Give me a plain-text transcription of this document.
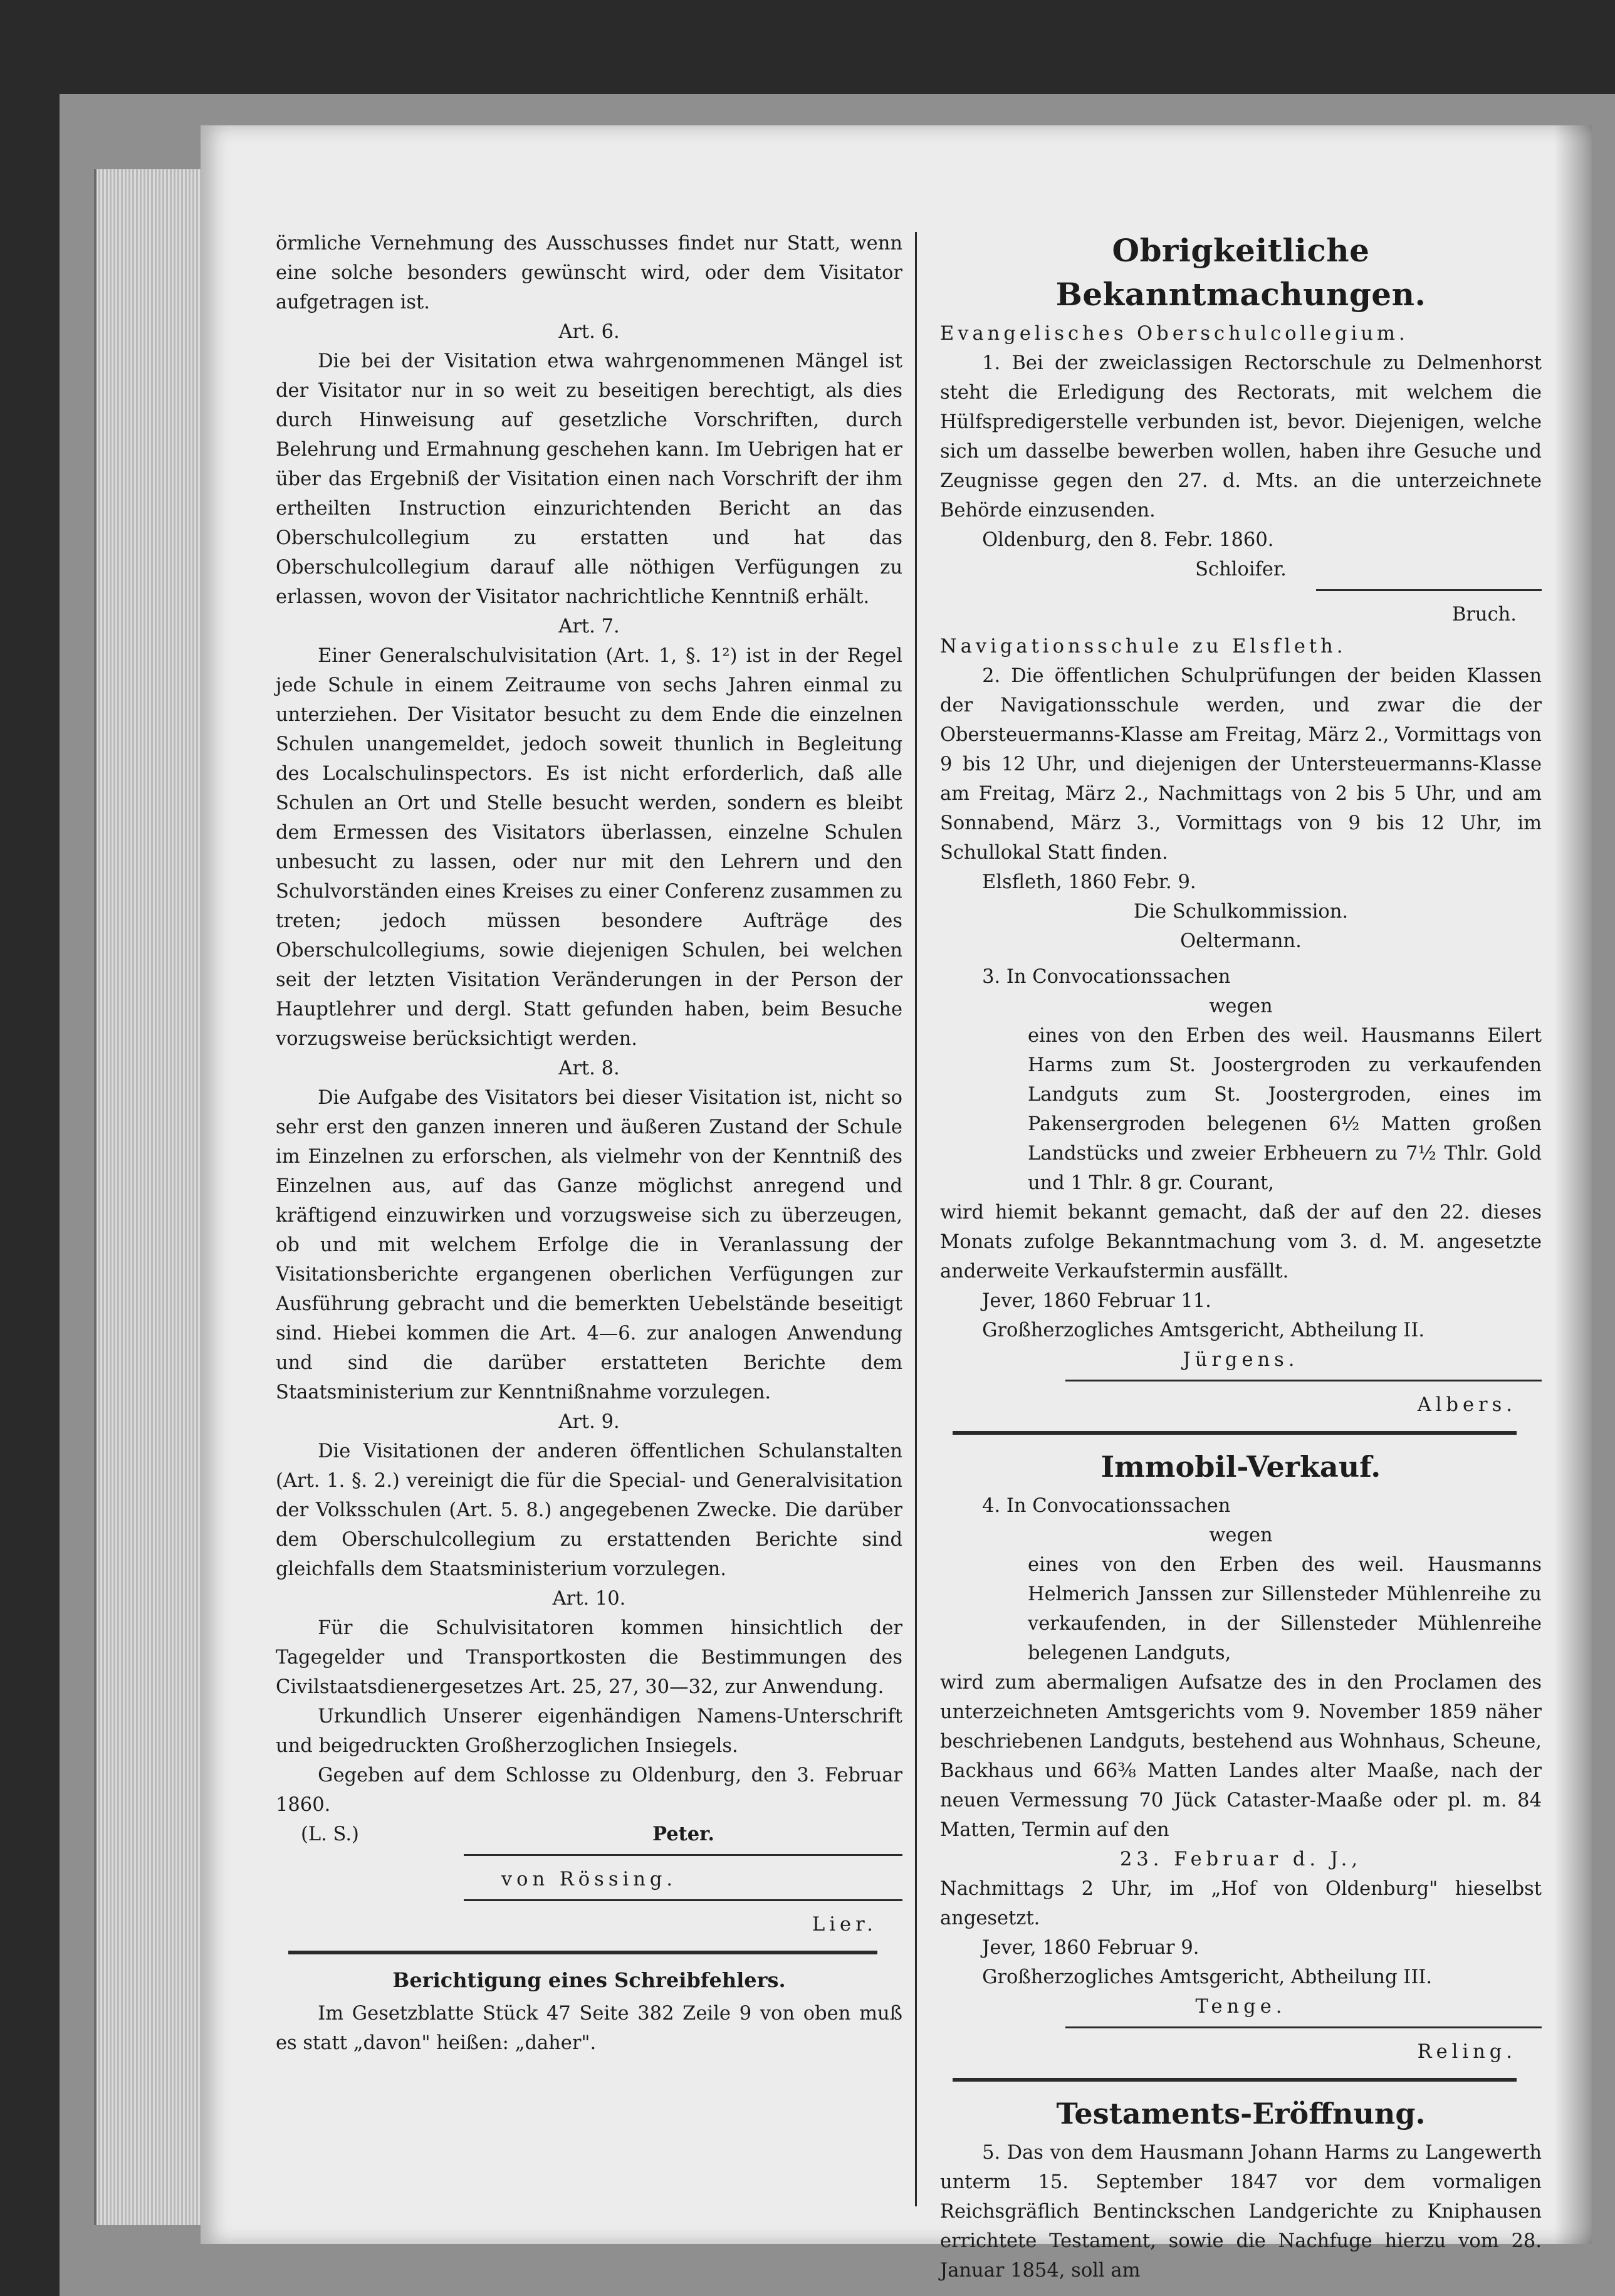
örmliche Vernehmung des Ausschusses findet nur Statt, wenn eine solche besonders gewünscht wird, oder dem Visitator aufgetragen ist.

Art. 6.

Die bei der Visitation etwa wahrgenommenen Mängel ist der Visitator nur in so weit zu beseitigen berechtigt, als dies durch Hinweisung auf gesetzliche Vorschriften, durch Belehrung und Ermahnung geschehen kann. Im Uebrigen hat er über das Ergebniß der Visitation einen nach Vorschrift der ihm ertheilten Instruction einzurichtenden Bericht an das Oberschulcollegium zu erstatten und hat das Oberschulcollegium darauf alle nöthigen Verfügungen zu erlassen, wovon der Visitator nachrichtliche Kenntniß erhält.

Art. 7.

Einer Generalschulvisitation (Art. 1, §. 1²) ist in der Regel jede Schule in einem Zeitraume von sechs Jahren einmal zu unterziehen. Der Visitator besucht zu dem Ende die einzelnen Schulen unangemeldet, jedoch soweit thunlich in Begleitung des Localschulinspectors. Es ist nicht erforderlich, daß alle Schulen an Ort und Stelle besucht werden, sondern es bleibt dem Ermessen des Visitators überlassen, einzelne Schulen unbesucht zu lassen, oder nur mit den Lehrern und den Schulvorständen eines Kreises zu einer Conferenz zusammen zu treten; jedoch müssen besondere Aufträge des Oberschulcollegiums, sowie diejenigen Schulen, bei welchen seit der letzten Visitation Veränderungen in der Person der Hauptlehrer und dergl. Statt gefunden haben, beim Besuche vorzugsweise berücksichtigt werden.

Art. 8.

Die Aufgabe des Visitators bei dieser Visitation ist, nicht so sehr erst den ganzen inneren und äußeren Zustand der Schule im Einzelnen zu erforschen, als vielmehr von der Kenntniß des Einzelnen aus, auf das Ganze möglichst anregend und kräftigend einzuwirken und vorzugsweise sich zu überzeugen, ob und mit welchem Erfolge die in Veranlassung der Visitationsberichte ergangenen oberlichen Verfügungen zur Ausführung gebracht und die bemerkten Uebelstände beseitigt sind. Hiebei kommen die Art. 4—6. zur analogen Anwendung und sind die darüber erstatteten Berichte dem Staatsministerium zur Kenntnißnahme vorzulegen.

Art. 9.

Die Visitationen der anderen öffentlichen Schulanstalten (Art. 1. §. 2.) vereinigt die für die Special- und Generalvisitation der Volksschulen (Art. 5. 8.) angegebenen Zwecke. Die darüber dem Oberschulcollegium zu erstattenden Berichte sind gleichfalls dem Staatsministerium vorzulegen.

Art. 10.

Für die Schulvisitatoren kommen hinsichtlich der Tagegelder und Transportkosten die Bestimmungen des Civilstaatsdienergesetzes Art. 25, 27, 30—32, zur Anwendung.

Urkundlich Unserer eigenhändigen Namens-Unterschrift und beigedruckten Großherzoglichen Insiegels.

Gegeben auf dem Schlosse zu Oldenburg, den 3. Februar 1860.

(L. S.)	Peter.

von Rössing.

Lier.

Berichtigung eines Schreibfehlers.

Im Gesetzblatte Stück 47 Seite 382 Zeile 9 von oben muß es statt „davon" heißen: „daher".

Obrigkeitliche Bekanntmachungen.

Evangelisches Oberschulcollegium.

1. Bei der zweiclassigen Rectorschule zu Delmenhorst steht die Erledigung des Rectorats, mit welchem die Hülfspredigerstelle verbunden ist, bevor. Diejenigen, welche sich um dasselbe bewerben wollen, haben ihre Gesuche und Zeugnisse gegen den 27. d. Mts. an die unterzeichnete Behörde einzusenden.

Oldenburg, den 8. Febr. 1860.

Schloifer.

Bruch.

Navigationsschule zu Elsfleth.

2. Die öffentlichen Schulprüfungen der beiden Klassen der Navigationsschule werden, und zwar die der Obersteuermanns-Klasse am Freitag, März 2., Vormittags von 9 bis 12 Uhr, und diejenigen der Untersteuermanns-Klasse am Freitag, März 2., Nachmittags von 2 bis 5 Uhr, und am Sonnabend, März 3., Vormittags von 9 bis 12 Uhr, im Schullokal Statt finden.

Elsfleth, 1860 Febr. 9.

Die Schulkommission.

Oeltermann.

3. In Convocationssachen

wegen

eines von den Erben des weil. Hausmanns Eilert Harms zum St. Joostergroden zu verkaufenden Landguts zum St. Joostergroden, eines im Pakensergroden belegenen 6½ Matten großen Landstücks und zweier Erbheuern zu 7½ Thlr. Gold und 1 Thlr. 8 gr. Courant,

wird hiemit bekannt gemacht, daß der auf den 22. dieses Monats zufolge Bekanntmachung vom 3. d. M. angesetzte anderweite Verkaufstermin ausfällt.

Jever, 1860 Februar 11.

Großherzogliches Amtsgericht, Abtheilung II.

Jürgens.

Albers.

Immobil-Verkauf.

4. In Convocationssachen

wegen

eines von den Erben des weil. Hausmanns Helmerich Janssen zur Sillensteder Mühlenreihe zu verkaufenden, in der Sillensteder Mühlenreihe belegenen Landguts,

wird zum abermaligen Aufsatze des in den Proclamen des unterzeichneten Amtsgerichts vom 9. November 1859 näher beschriebenen Landguts, bestehend aus Wohnhaus, Scheune, Backhaus und 66⅜ Matten Landes alter Maaße, nach der neuen Vermessung 70 Jück Cataster-Maaße oder pl. m. 84 Matten, Termin auf den

23. Februar d. J.,

Nachmittags 2 Uhr, im „Hof von Oldenburg" hieselbst angesetzt.

Jever, 1860 Februar 9.

Großherzogliches Amtsgericht, Abtheilung III.

Tenge.

Reling.

Testaments-Eröffnung.

5. Das von dem Hausmann Johann Harms zu Langewerth unterm 15. September 1847 vor dem vormaligen Reichsgräflich Bentinckschen Landgerichte zu Kniphausen errichtete Testament, sowie die Nachfuge hierzu vom 28. Januar 1854, soll am
